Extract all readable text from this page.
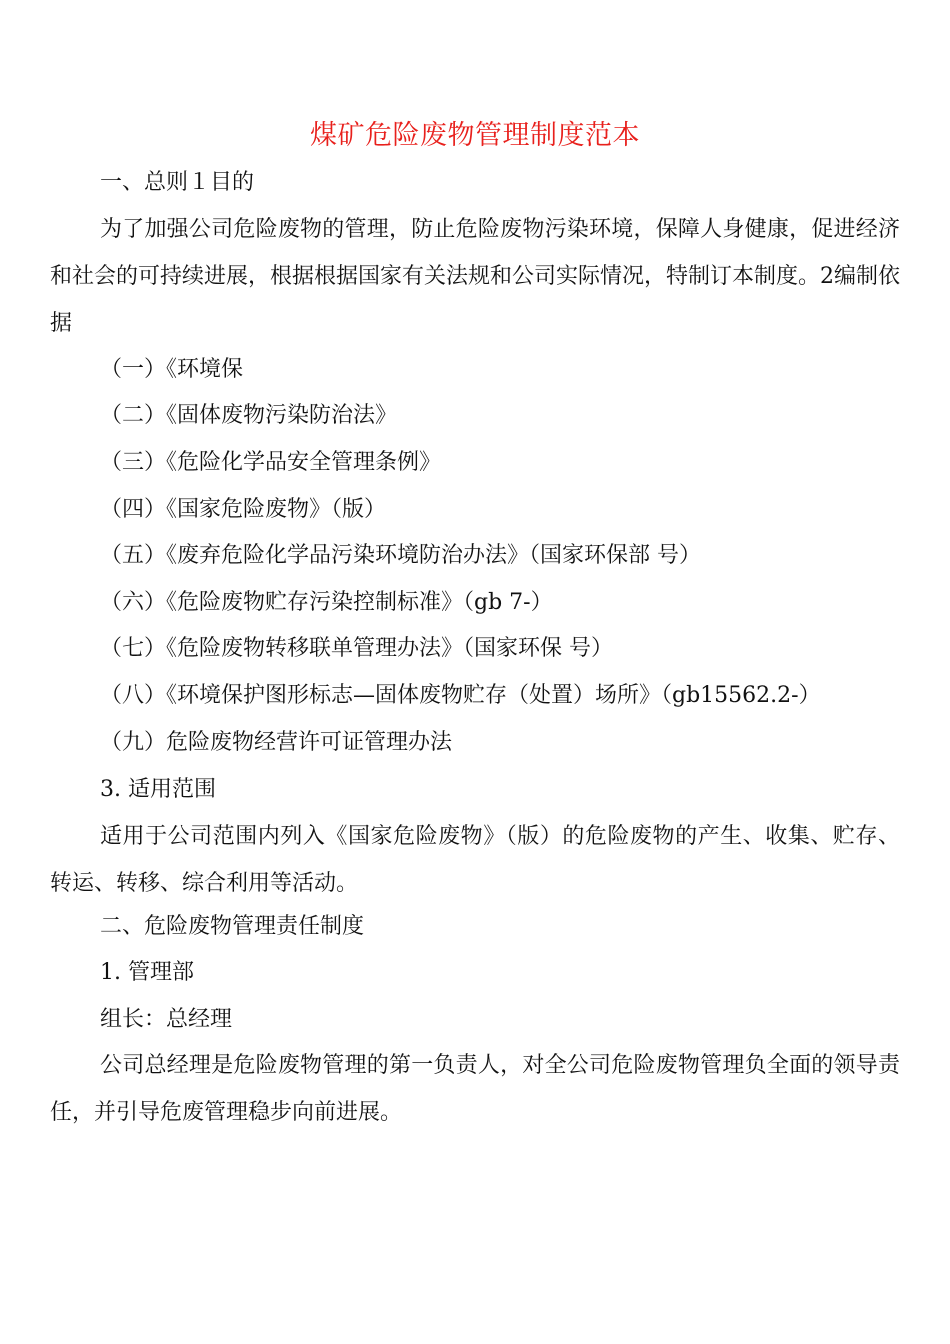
煤矿危险废物管理制度范本
一、总则１目的
为了加强公司危险废物的管理，防止危险废物污染环境，保障人身健康，促进经济和社会的可持续进展，根据根据国家有关法规和公司实际情况，特制订本制度。2编制依据
（一）《环境保
（二）《固体废物污染防治法》
（三）《危险化学品安全管理条例》
（四）《国家危险废物》（版）
（五）《废弃危险化学品污染环境防治办法》（国家环保部 号）
（六）《危险废物贮存污染控制标准》（gb 7-）
（七）《危险废物转移联单管理办法》（国家环保 号）
（八）《环境保护图形标志—固体废物贮存（处置）场所》（gb15562.2-）
（九）危险废物经营许可证管理办法
3. 适用范围
适用于公司范围内列入《国家危险废物》（版）的危险废物的产生、收集、贮存、转运、转移、综合利用等活动。
二、危险废物管理责任制度
1. 管理部
组长：总经理
公司总经理是危险废物管理的第一负责人，对全公司危险废物管理负全面的领导责任，并引导危废管理稳步向前进展。
